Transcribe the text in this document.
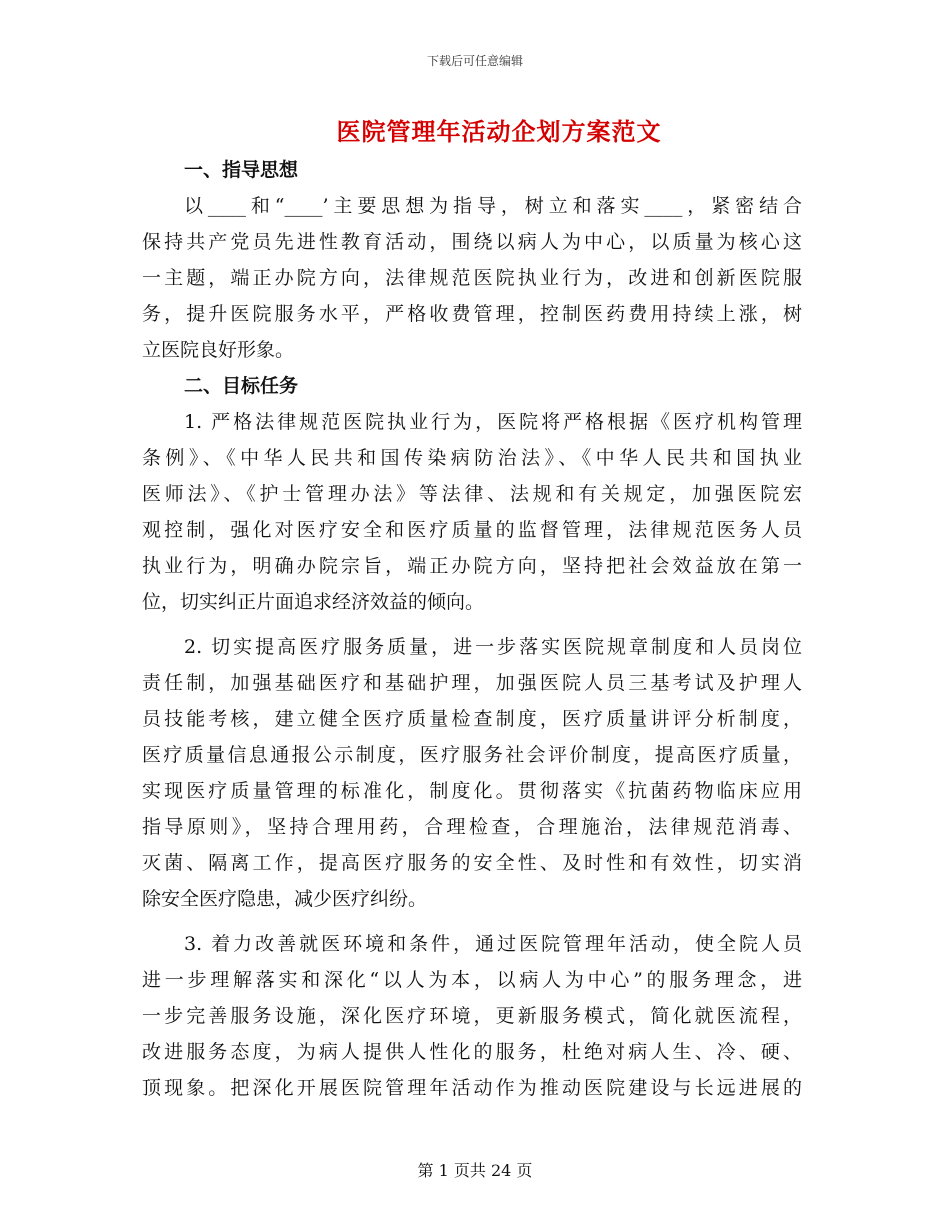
下载后可任意编辑
医院管理年活动企划方案范文
一、指导思想
以____和“____’主要思想为指导，树立和落实____，紧密结合
保持共产党员先进性教育活动，围绕以病人为中心，以质量为核心这
一主题，端正办院方向，法律规范医院执业行为，改进和创新医院服
务，提升医院服务水平，严格收费管理，控制医药费用持续上涨，树
立医院良好形象。
二、目标任务
1. 严格法律规范医院执业行为，医院将严格根据《医疗机构管理
条例》、《中华人民共和国传染病防治法》、《中华人民共和国执业
医师法》、《护士管理办法》等法律、法规和有关规定，加强医院宏
观控制，强化对医疗安全和医疗质量的监督管理，法律规范医务人员
执业行为，明确办院宗旨，端正办院方向，坚持把社会效益放在第一
位，切实纠正片面追求经济效益的倾向。
2. 切实提高医疗服务质量，进一步落实医院规章制度和人员岗位
责任制，加强基础医疗和基础护理，加强医院人员三基考试及护理人
员技能考核，建立健全医疗质量检查制度，医疗质量讲评分析制度，
医疗质量信息通报公示制度，医疗服务社会评价制度，提高医疗质量，
实现医疗质量管理的标准化，制度化。贯彻落实《抗菌药物临床应用
指导原则》，坚持合理用药，合理检查，合理施治，法律规范消毒、
灭菌、隔离工作，提高医疗服务的安全性、及时性和有效性，切实消
除安全医疗隐患，减少医疗纠纷。
3. 着力改善就医环境和条件，通过医院管理年活动，使全院人员
进一步理解落实和深化“以人为本，以病人为中心”的服务理念，进
一步完善服务设施，深化医疗环境，更新服务模式，简化就医流程，
改进服务态度，为病人提供人性化的服务，杜绝对病人生、冷、硬、
顶现象。把深化开展医院管理年活动作为推动医院建设与长远进展的
第 1 页共 24 页
